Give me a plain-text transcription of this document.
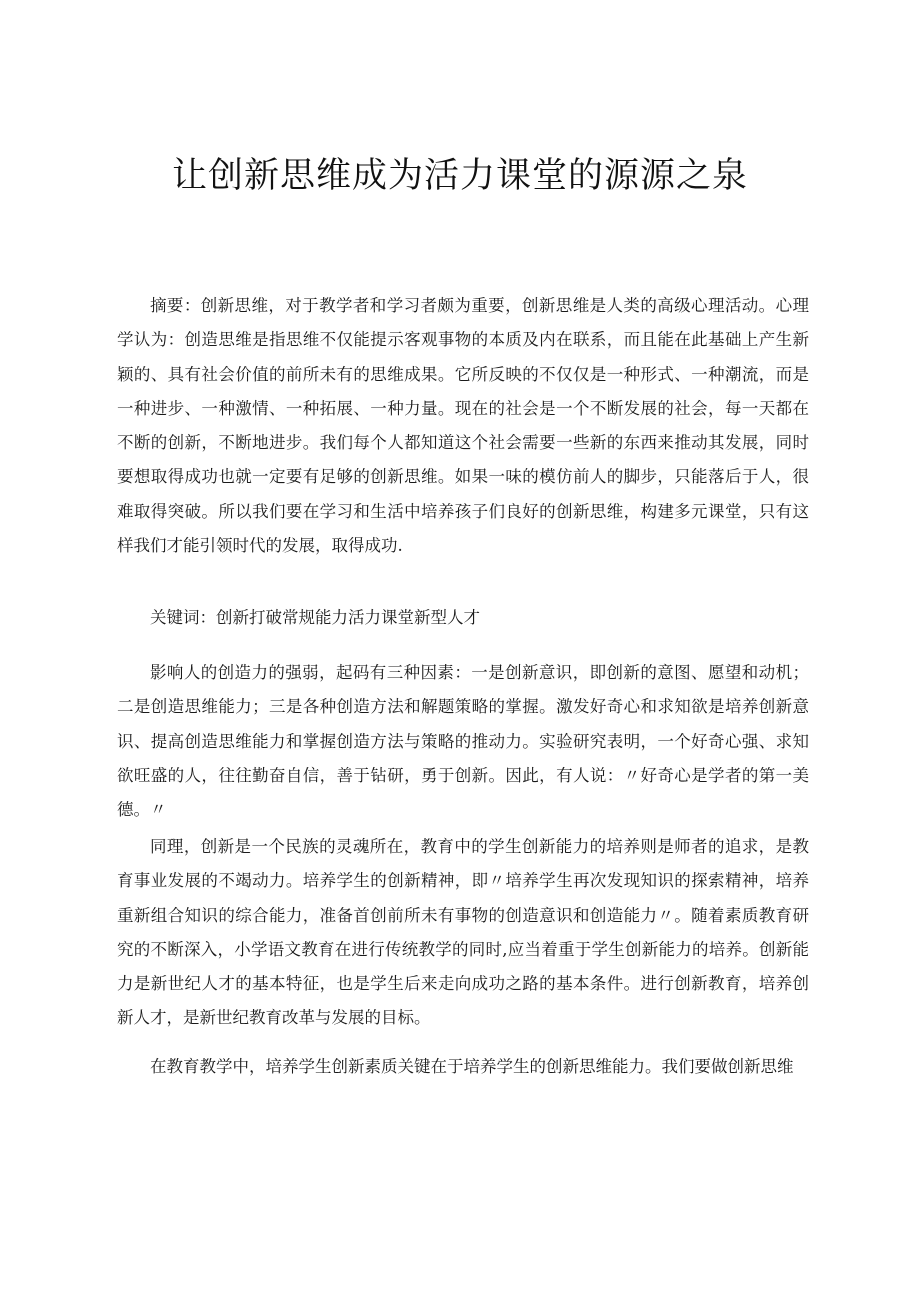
让创新思维成为活力课堂的源源之泉

摘要：创新思维，对于教学者和学习者颇为重要，创新思维是人类的高级心理活动。心理学认为：创造思维是指思维不仅能提示客观事物的本质及内在联系，而且能在此基础上产生新颖的、具有社会价值的前所未有的思维成果。它所反映的不仅仅是一种形式、一种潮流，而是一种进步、一种激情、一种拓展、一种力量。现在的社会是一个不断发展的社会，每一天都在不断的创新，不断地进步。我们每个人都知道这个社会需要一些新的东西来推动其发展，同时要想取得成功也就一定要有足够的创新思维。如果一味的模仿前人的脚步，只能落后于人，很难取得突破。所以我们要在学习和生活中培养孩子们良好的创新思维，构建多元课堂，只有这样我们才能引领时代的发展，取得成功.

关键词：创新打破常规能力活力课堂新型人才

影响人的创造力的强弱，起码有三种因素：一是创新意识，即创新的意图、愿望和动机；二是创造思维能力；三是各种创造方法和解题策略的掌握。激发好奇心和求知欲是培养创新意识、提高创造思维能力和掌握创造方法与策略的推动力。实验研究表明，一个好奇心强、求知欲旺盛的人，往往勤奋自信，善于钻研，勇于创新。因此，有人说：〃好奇心是学者的第一美德。〃

同理，创新是一个民族的灵魂所在，教育中的学生创新能力的培养则是师者的追求，是教育事业发展的不竭动力。培养学生的创新精神，即〃培养学生再次发现知识的探索精神，培养重新组合知识的综合能力，准备首创前所未有事物的创造意识和创造能力〃。随着素质教育研究的不断深入，小学语文教育在进行传统教学的同时,应当着重于学生创新能力的培养。创新能力是新世纪人才的基本特征，也是学生后来走向成功之路的基本条件。进行创新教育，培养创新人才，是新世纪教育改革与发展的目标。

在教育教学中，培养学生创新素质关键在于培养学生的创新思维能力。我们要做创新思维
